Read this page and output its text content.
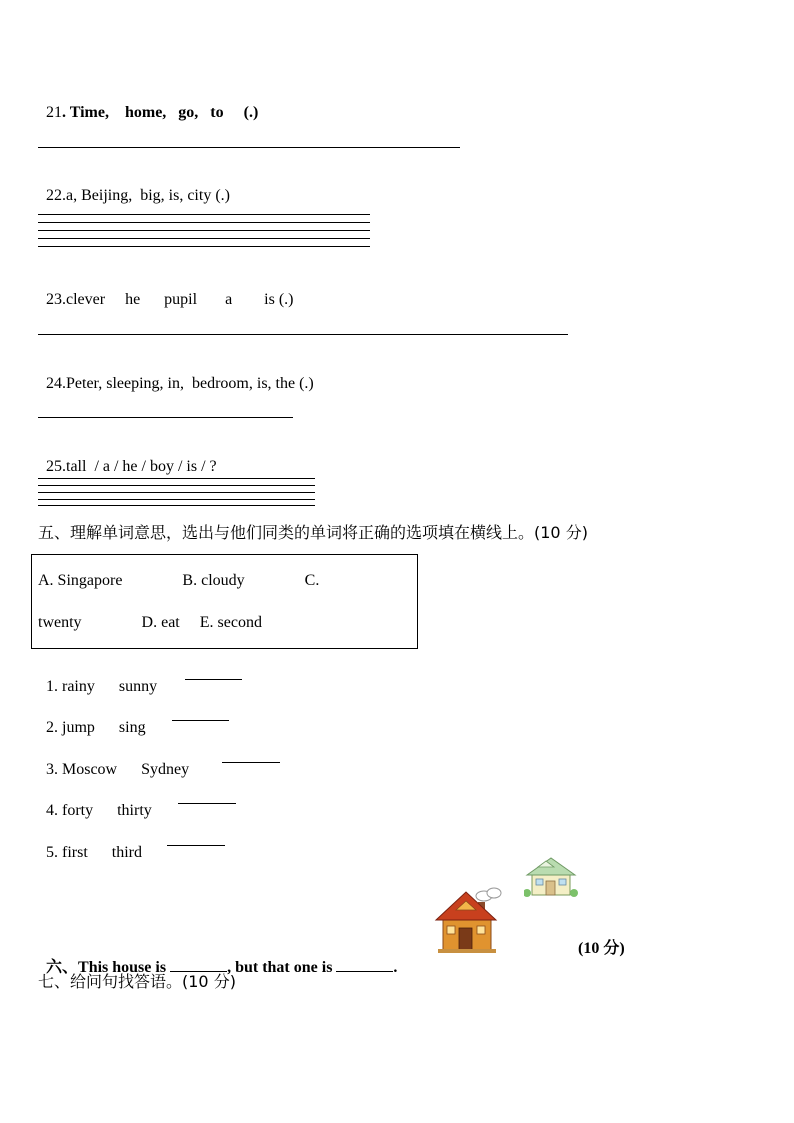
21. Time,    home,   go,   to     (.)

22.a, Beijing,  big, is, city (.)

23.clever     he      pupil       a        is (.)

24.Peter, sleeping, in,  bedroom, is, the (.)

25.tall  / a / he / boy / is / ?

五、理解单词意思，选出与他们同类的单词将正确的选项填在横线上。(10 分)
A. Singapore               B. cloudy               C.
twenty               D. eat     E. second

1. rainy      sunny

2. jump      sing

3. Moscow      Sydney

4. forty      thirty

5. first      third

六、This house is	, but that one is	.

(10 分)
七、给问句找答语。(10 分)
